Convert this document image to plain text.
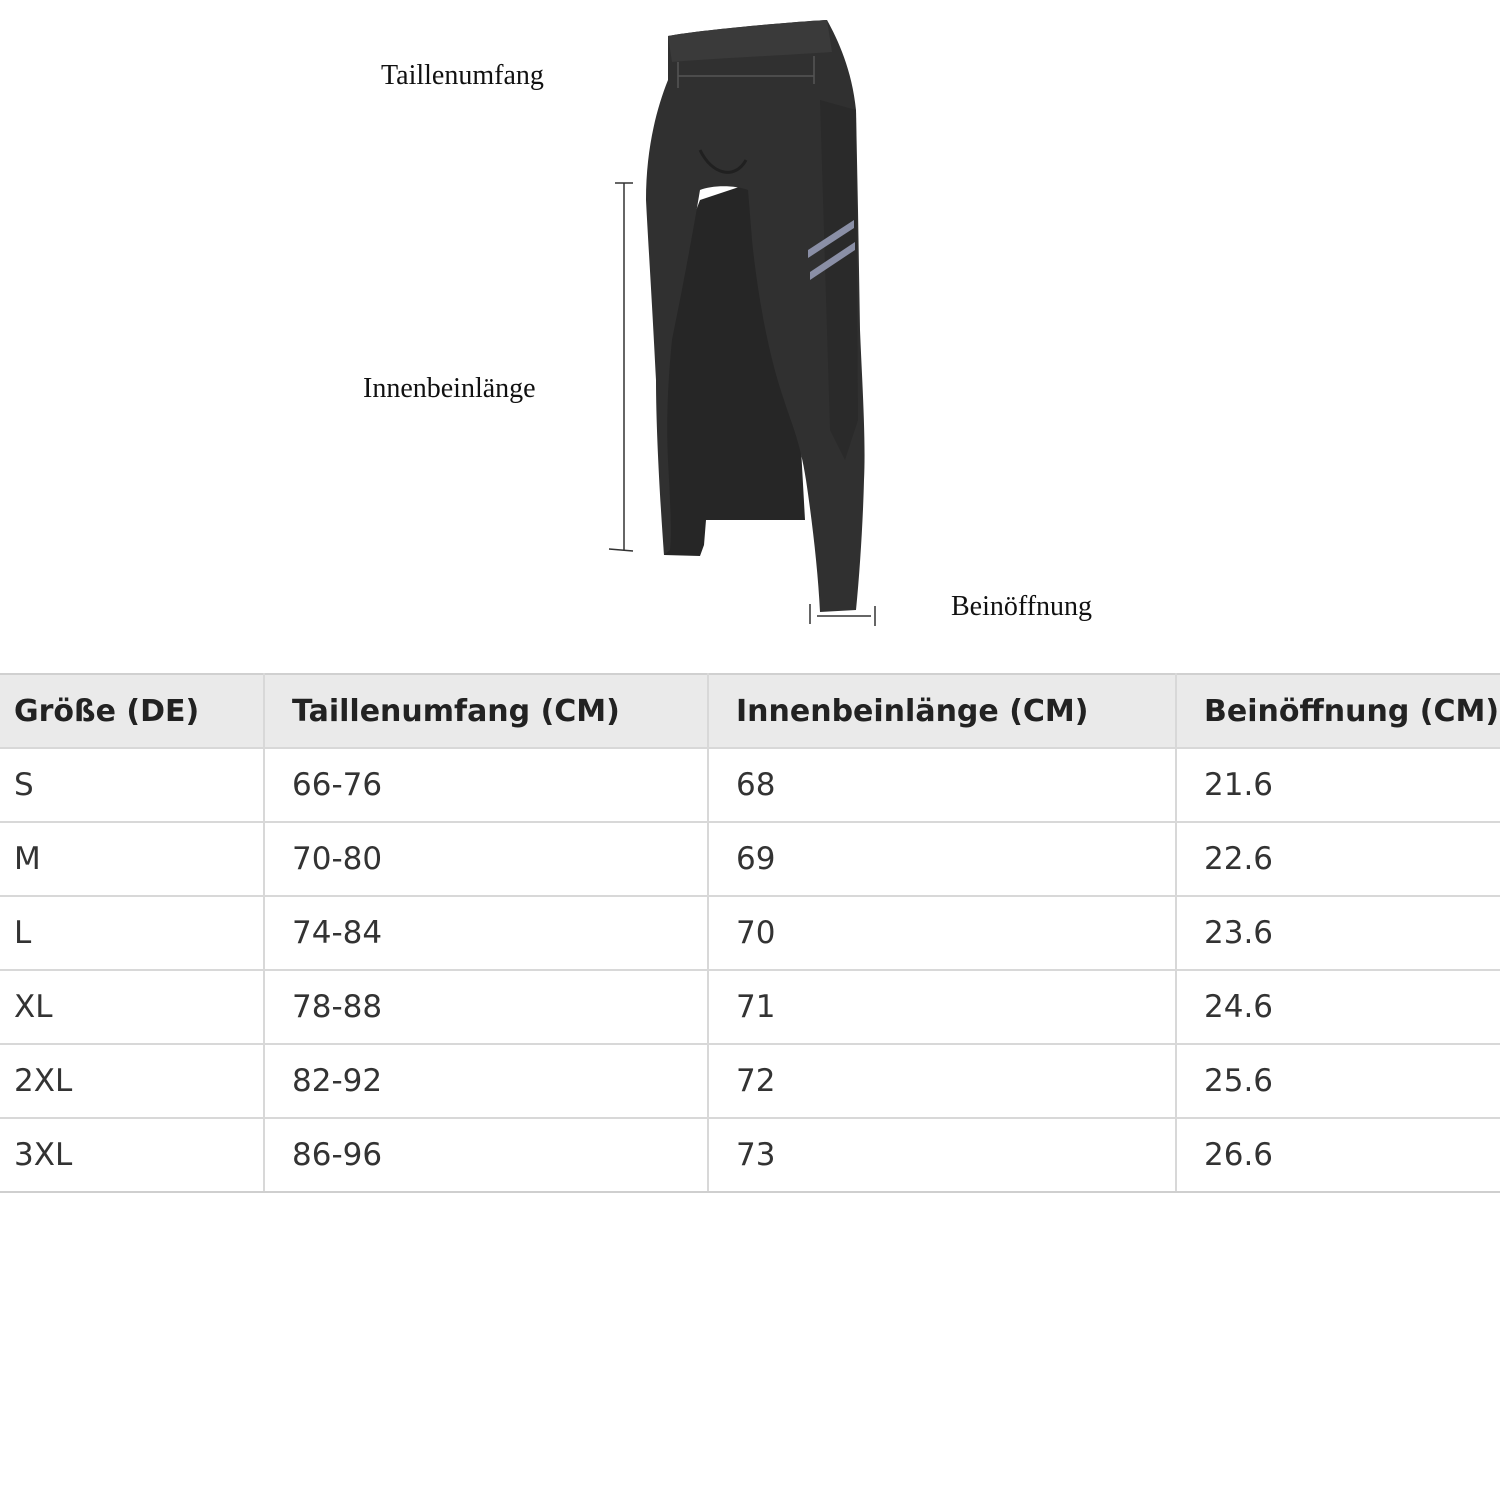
Taillenumfang
Innenbeinlänge
Beinöffnung
Größe (DE)	Taillenumfang (CM)	Innenbeinlänge (CM)	Beinöffnung (CM)
S	66-76	68	21.6
M	70-80	69	22.6
L	74-84	70	23.6
XL	78-88	71	24.6
2XL	82-92	72	25.6
3XL	86-96	73	26.6
